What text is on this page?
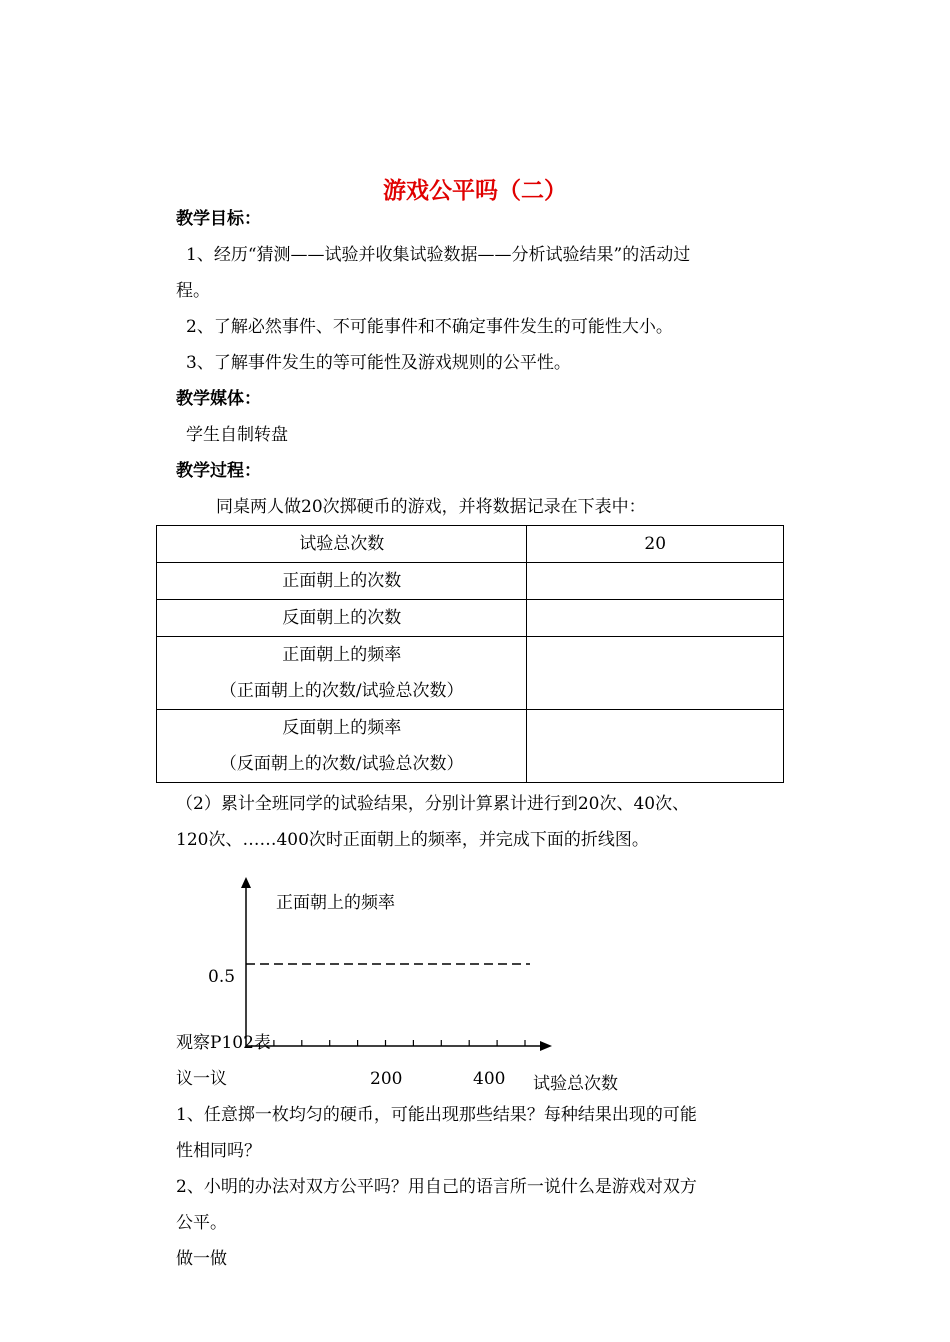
游戏公平吗（二）
教学目标：
1、经历“猜测——试验并收集试验数据——分析试验结果”的活动过
程。
2、了解必然事件、不可能事件和不确定事件发生的可能性大小。
3、了解事件发生的等可能性及游戏规则的公平性。
教学媒体：
学生自制转盘
教学过程：
同桌两人做20次掷硬币的游戏，并将数据记录在下表中：
试验总次数	20

正面朝上的次数	

反面朝上的次数	

正面朝上的频率
（正面朝上的次数/试验总次数）	

反面朝上的频率
（反面朝上的次数/试验总次数）	

（2）累计全班同学的试验结果，分别计算累计进行到20次、40次、
120次、……400次时正面朝上的频率，并完成下面的折线图。
正面朝上的频率
0.5
观察P102表
议一议	200	400 试验总次数
1、任意掷一枚均匀的硬币，可能出现那些结果？每种结果出现的可能
性相同吗？
2、小明的办法对双方公平吗？用自己的语言所一说什么是游戏对双方
公平。
做一做
